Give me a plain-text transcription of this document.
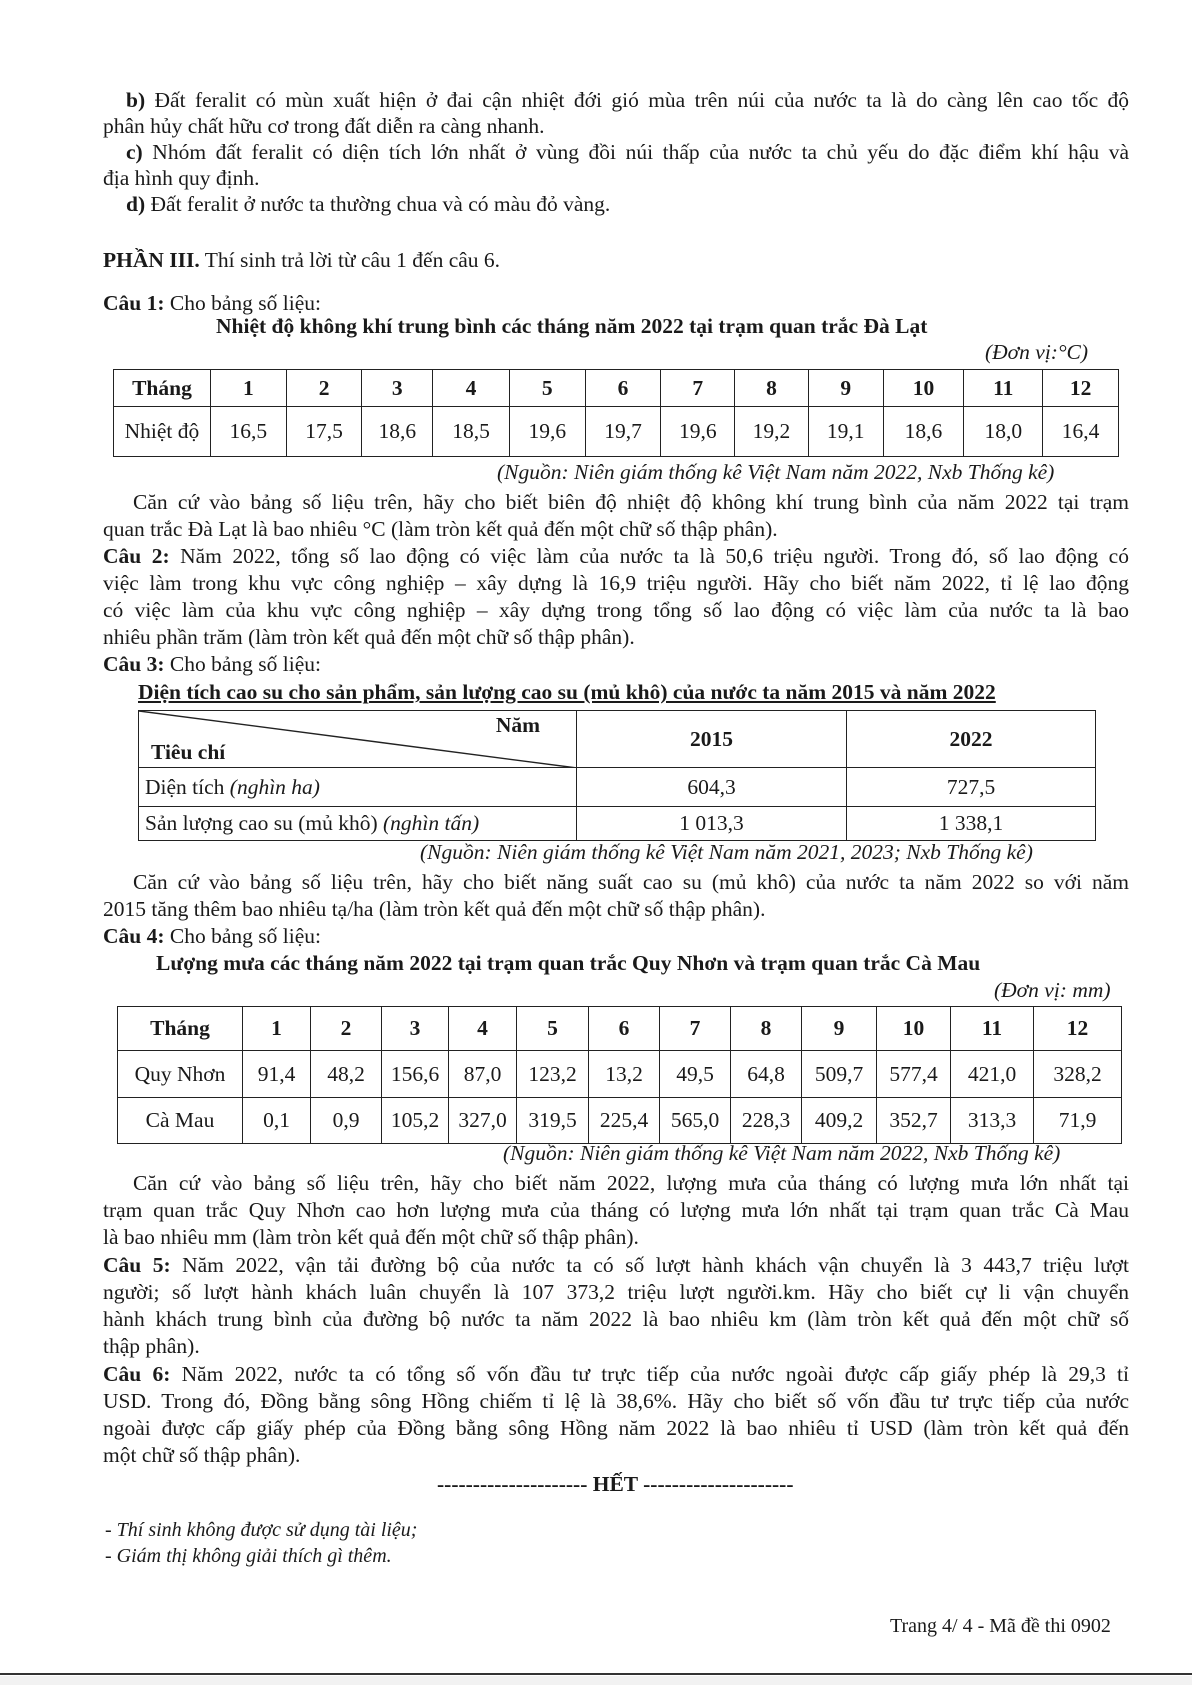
b) Đất feralit có mùn xuất hiện ở đai cận nhiệt đới gió mùa trên núi của nước ta là do càng lên cao tốc độ
phân hủy chất hữu cơ trong đất diễn ra càng nhanh.
c) Nhóm đất feralit có diện tích lớn nhất ở vùng đồi núi thấp của nước ta chủ yếu do đặc điểm khí hậu và
địa hình quy định.
d) Đất feralit ở nước ta thường chua và có màu đỏ vàng.
PHẦN III. Thí sinh trả lời từ câu 1 đến câu 6.
Câu 1: Cho bảng số liệu:
Nhiệt độ không khí trung bình các tháng năm 2022 tại trạm quan trắc Đà Lạt
(Đơn vị:°C)
Tháng	1	2	3	4	5	6	7	8	9	10	11	12
Nhiệt độ	16,5	17,5	18,6	18,5	19,6	19,7	19,6	19,2	19,1	18,6	18,0	16,4
(Nguồn: Niên giám thống kê Việt Nam năm 2022, Nxb Thống kê)
Căn cứ vào bảng số liệu trên, hãy cho biết biên độ nhiệt độ không khí trung bình của năm 2022 tại trạm
quan trắc Đà Lạt là bao nhiêu °C (làm tròn kết quả đến một chữ số thập phân).
Câu 2: Năm 2022, tổng số lao động có việc làm của nước ta là 50,6 triệu người. Trong đó, số lao động có
việc làm trong khu vực công nghiệp – xây dựng là 16,9 triệu người. Hãy cho biết năm 2022, tỉ lệ lao động
có việc làm của khu vực công nghiệp – xây dựng trong tổng số lao động có việc làm của nước ta là bao
nhiêu phần trăm (làm tròn kết quả đến một chữ số thập phân).
Câu 3: Cho bảng số liệu:
Diện tích cao su cho sản phẩm, sản lượng cao su (mủ khô) của nước ta năm 2015 và năm 2022
Năm
Tiêu chí	2015	2022
Diện tích (nghìn ha)	604,3	727,5
Sản lượng cao su (mủ khô) (nghìn tấn)	1 013,3	1 338,1
(Nguồn: Niên giám thống kê Việt Nam năm 2021, 2023; Nxb Thống kê)
Căn cứ vào bảng số liệu trên, hãy cho biết năng suất cao su (mủ khô) của nước ta năm 2022 so với năm
2015 tăng thêm bao nhiêu tạ/ha (làm tròn kết quả đến một chữ số thập phân).
Câu 4: Cho bảng số liệu:
Lượng mưa các tháng năm 2022 tại trạm quan trắc Quy Nhơn và trạm quan trắc Cà Mau
(Đơn vị: mm)
Tháng	1	2	3	4	5	6	7	8	9	10	11	12
Quy Nhơn	91,4	48,2	156,6	87,0	123,2	13,2	49,5	64,8	509,7	577,4	421,0	328,2
Cà Mau	0,1	0,9	105,2	327,0	319,5	225,4	565,0	228,3	409,2	352,7	313,3	71,9
(Nguồn: Niên giám thống kê Việt Nam năm 2022, Nxb Thống kê)
Căn cứ vào bảng số liệu trên, hãy cho biết năm 2022, lượng mưa của tháng có lượng mưa lớn nhất tại
trạm quan trắc Quy Nhơn cao hơn lượng mưa của tháng có lượng mưa lớn nhất tại trạm quan trắc Cà Mau
là bao nhiêu mm (làm tròn kết quả đến một chữ số thập phân).
Câu 5: Năm 2022, vận tải đường bộ của nước ta có số lượt hành khách vận chuyển là 3 443,7 triệu lượt
người; số lượt hành khách luân chuyển là 107 373,2 triệu lượt người.km. Hãy cho biết cự li vận chuyển
hành khách trung bình của đường bộ nước ta năm 2022 là bao nhiêu km (làm tròn kết quả đến một chữ số
thập phân).
Câu 6: Năm 2022, nước ta có tổng số vốn đầu tư trực tiếp của nước ngoài được cấp giấy phép là 29,3 tỉ
USD. Trong đó, Đồng bằng sông Hồng chiếm tỉ lệ là 38,6%. Hãy cho biết số vốn đầu tư trực tiếp của nước
ngoài được cấp giấy phép của Đồng bằng sông Hồng năm 2022 là bao nhiêu tỉ USD (làm tròn kết quả đến
một chữ số thập phân).
--------------------- HẾT ---------------------
- Thí sinh không được sử dụng tài liệu;
- Giám thị không giải thích gì thêm.
Trang 4/ 4 - Mã đề thi 0902
